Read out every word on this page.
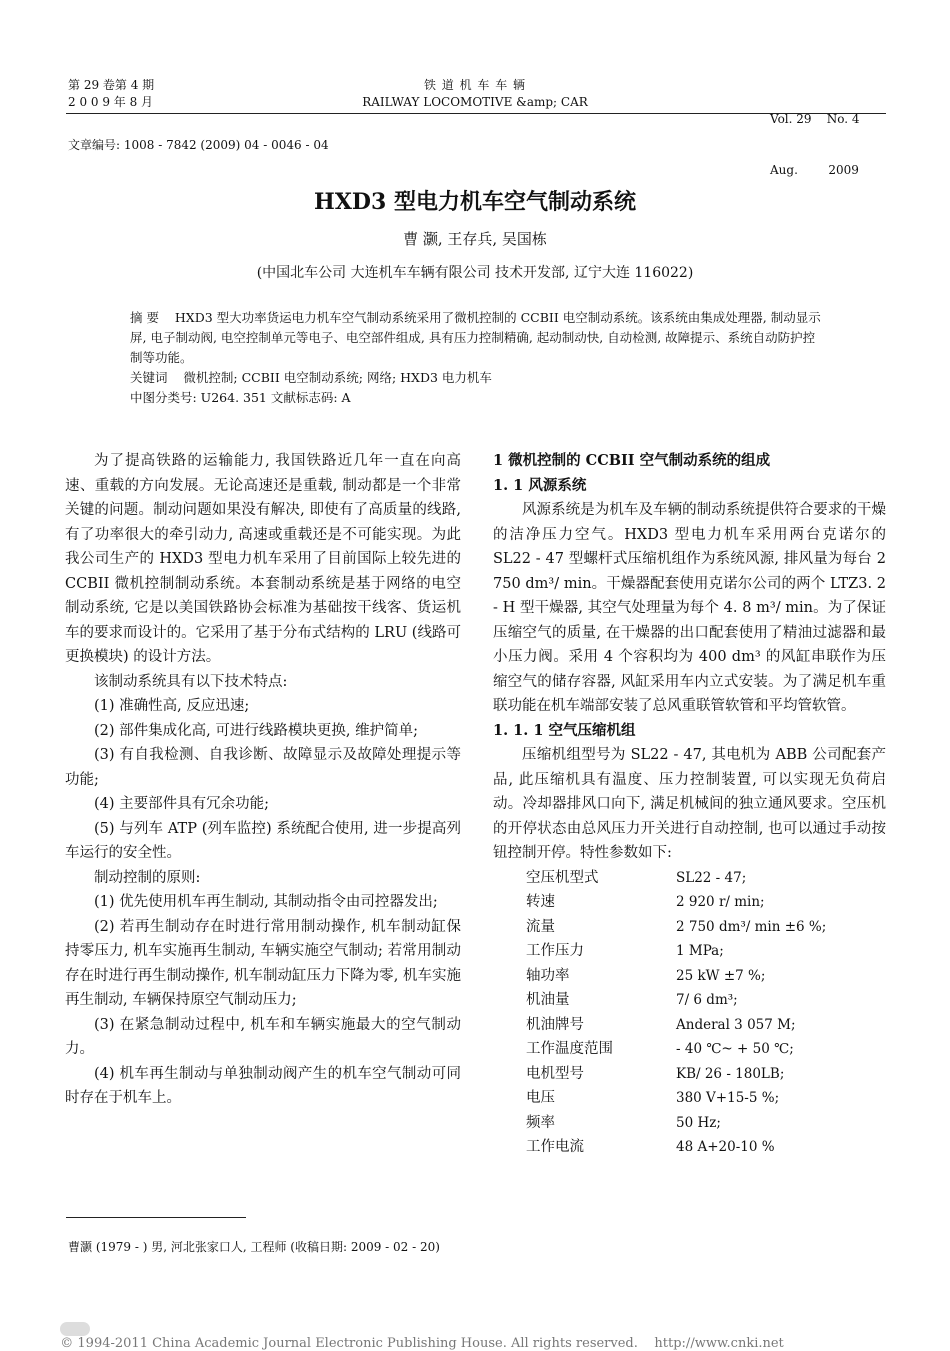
第 29 卷第 4 期
2 0 0 9 年 8 月
铁 道 机 车 车 辆
RAILWAY LOCOMOTIVE &amp; CAR

Vol. 29    No. 4

Aug.        2009

文章编号: 1008 - 7842 (2009) 04 - 0046 - 04
HXD3 型电力机车空气制动系统
曹 灏, 王存兵, 吴国栋
(中国北车公司 大连机车车辆有限公司 技术开发部, 辽宁大连 116022)
摘 要 HXD3 型大功率货运电力机车空气制动系统采用了微机控制的 CCBII 电空制动系统。该系统由集成处理器, 制动显示屏, 电子制动阀, 电空控制单元等电子、电空部件组成, 具有压力控制精确, 起动制动快, 自动检测, 故障提示、系统自动防护控制等功能。
关键词 微机控制; CCBII 电空制动系统; 网络; HXD3 电力机车
中图分类号: U264. 351 文献标志码: A

为了提高铁路的运输能力, 我国铁路近几年一直在向高速、重载的方向发展。无论高速还是重载, 制动都是一个非常关键的问题。制动问题如果没有解决, 即使有了高质量的线路, 有了功率很大的牵引动力, 高速或重载还是不可能实现。为此我公司生产的 HXD3 型电力机车采用了目前国际上较先进的 CCBII 微机控制制动系统。本套制动系统是基于网络的电空制动系统, 它是以美国铁路协会标准为基础按干线客、货运机车的要求而设计的。它采用了基于分布式结构的 LRU (线路可更换模块) 的设计方法。

该制动系统具有以下技术特点:

(1) 准确性高, 反应迅速;

(2) 部件集成化高, 可进行线路模块更换, 维护简单;

(3) 有自我检测、自我诊断、故障显示及故障处理提示等功能;

(4) 主要部件具有冗余功能;

(5) 与列车 ATP (列车监控) 系统配合使用, 进一步提高列车运行的安全性。

制动控制的原则:

(1) 优先使用机车再生制动, 其制动指令由司控器发出;

(2) 若再生制动存在时进行常用制动操作, 机车制动缸保持零压力, 机车实施再生制动, 车辆实施空气制动; 若常用制动存在时进行再生制动操作, 机车制动缸压力下降为零, 机车实施再生制动, 车辆保持原空气制动压力;

(3) 在紧急制动过程中, 机车和车辆实施最大的空气制动力。

(4) 机车再生制动与单独制动阀产生的机车空气制动可同时存在于机车上。

1 微机控制的 CCBII 空气制动系统的组成

1. 1 风源系统

风源系统是为机车及车辆的制动系统提供符合要求的干燥的洁净压力空气。HXD3 型电力机车采用两台克诺尔的 SL22 - 47 型螺杆式压缩机组作为系统风源, 排风量为每台 2 750 dm³/ min。干燥器配套使用克诺尔公司的两个 LTZ3. 2 - H 型干燥器, 其空气处理量为每个 4. 8 m³/ min。为了保证压缩空气的质量, 在干燥器的出口配套使用了精油过滤器和最小压力阀。采用 4 个容积均为 400 dm³ 的风缸串联作为压缩空气的储存容器, 风缸采用车内立式安装。为了满足机车重联功能在机车端部安装了总风重联管软管和平均管软管。

1. 1. 1 空气压缩机组

压缩机组型号为 SL22 - 47, 其电机为 ABB 公司配套产品, 此压缩机具有温度、压力控制装置, 可以实现无负荷启动。冷却器排风口向下, 满足机械间的独立通风要求。空压机的开停状态由总风压力开关进行自动控制, 也可以通过手动按钮控制开停。特性参数如下:

空压机型式	SL22 - 47;
转速	2 920 r/ min;
流量	2 750 dm³/ min ±6 %;
工作压力	1 MPa;
轴功率	25 kW ±7 %;
机油量	7/ 6 dm³;
机油牌号	Anderal 3 057 M;
工作温度范围	- 40 ℃~ + 50 ℃;
电机型号	KB/ 26 - 180LB;
电压	380 V+15-5 %;
频率	50 Hz;
工作电流	48 A+20-10 %
曹灏 (1979 - ) 男, 河北张家口人, 工程师 (收稿日期: 2009 - 02 - 20)

© 1994-2011 China Academic Journal Electronic Publishing House. All rights reserved.    http://www.cnki.net
